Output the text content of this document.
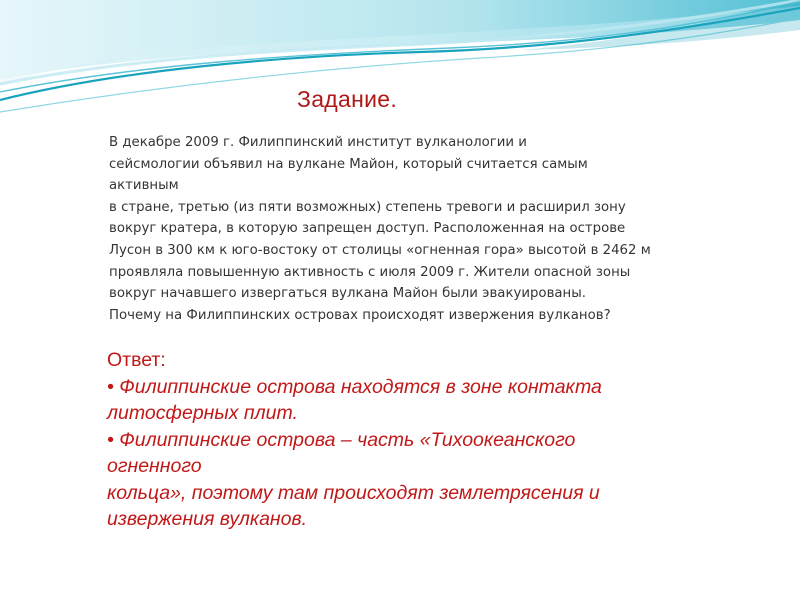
Задание.
В декабре 2009 г. Филиппинский институт вулканологии и
сейсмологии объявил на вулкане Майон, который считается самым
активным
в стране, третью (из пяти возможных) степень тревоги и расширил зону
вокруг кратера, в которую запрещен доступ. Расположенная на острове
Лусон в 300 км к юго-востоку от столицы «огненная гора» высотой в 2462 м
проявляла повышенную активность с июля 2009 г. Жители опасной зоны
вокруг начавшего извергаться вулкана Майон были эвакуированы.
Почему на Филиппинских островах происходят извержения вулканов?
Ответ:
• Филиппинские острова находятся в зоне контакта
литосферных плит.
• Филиппинские острова – часть «Тихоокеанского
огненного
кольца», поэтому там происходят землетрясения и
извержения вулканов.
